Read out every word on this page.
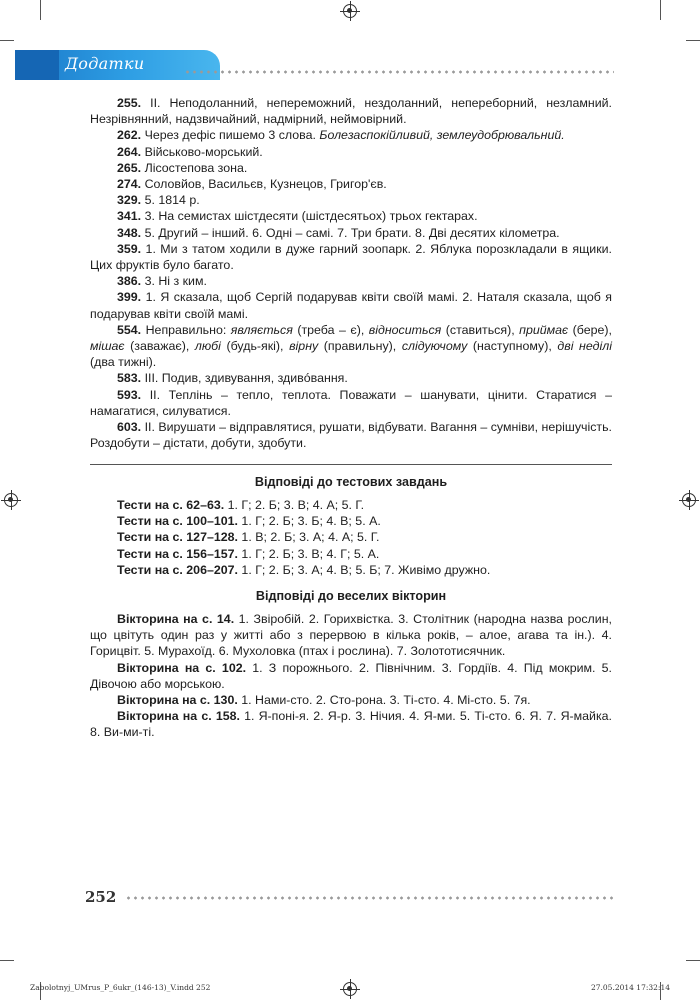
Додатки

255. ІІ. Неподоланний, непереможний, нездоланний, непереборний, незламний. Незрівнянний, надзвичайний, надмірний, неймовірний.

262. Через дефіс пишемо 3 слова. Болезаспокійливий, землеудобрювальний.

264. Військово-морський.

265. Лісостепова зона.

274. Соловйов, Васильєв, Кузнецов, Григор'єв.

329. 5. 1814 р.

341. 3. На семистах шістдесяти (шістдесятьох) трьох гектарах.

348. 5. Другий – інший. 6. Одні – самі. 7. Три брати. 8. Дві десятих кілометра.

359. 1. Ми з татом ходили в дуже гарний зоопарк. 2. Яблука порозкладали в ящики. Цих фруктів було багато.

386. 3. Ні з ким.

399. 1. Я сказала, щоб Сергій подарував квіти своїй мамі. 2. Наталя сказала, щоб я подарував квіти своїй мамі.

554. Неправильно: являється (треба – є), відноситься (ставиться), приймає (бере), мішає (заважає), любі (будь-які), вірну (правильну), слідуючому (наступному), дві неділі (два тижні).

583. ІІІ. Подив, здивування, здивóвання.

593. ІІ. Теплінь – тепло, теплота. Поважати – шанувати, цінити. Старатися – намагатися, силуватися.

603. ІІ. Вирушати – відправлятися, рушати, відбувати. Вагання – сумніви, нерішучість. Роздобути – дістати, добути, здобути.

Відповіді до тестових завдань

Тести на с. 62–63. 1. Г; 2. Б; 3. В; 4. А; 5. Г.

Тести на с. 100–101. 1. Г; 2. Б; 3. Б; 4. В; 5. А.

Тести на с. 127–128. 1. В; 2. Б; 3. А; 4. А; 5. Г.

Тести на с. 156–157. 1. Г; 2. Б; 3. В; 4. Г; 5. А.

Тести на с. 206–207. 1. Г; 2. Б; 3. А; 4. В; 5. Б; 7. Живімо дружно.

Відповіді до веселих вікторин

Вікторина на с. 14. 1. Звіробій. 2. Горихвістка. 3. Столітник (народна назва рослин, що цвітуть один раз у житті або з перервою в кілька років, – алое, агава та ін.). 4. Горицвіт. 5. Мурахоїд. 6. Мухоловка (птах і рослина). 7. Золототисячник.

Вікторина на с. 102. 1. З порожнього. 2. Північним. 3. Гордіїв. 4. Під мокрим. 5. Дівочою або морською.

Вікторина на с. 130. 1. Нами-сто. 2. Сто-рона. 3. Ті-сто. 4. Мі-сто. 5. 7я.

Вікторина на с. 158. 1. Я-поні-я. 2. Я-р. 3. Нічия. 4. Я-ми. 5. Ті-сто. 6. Я. 7. Я-майка. 8. Ви-ми-ті.

252
Zabolotnyj_UMrus_P_6ukr_(146-13)_V.indd 252	27.05.2014 17:32:14
